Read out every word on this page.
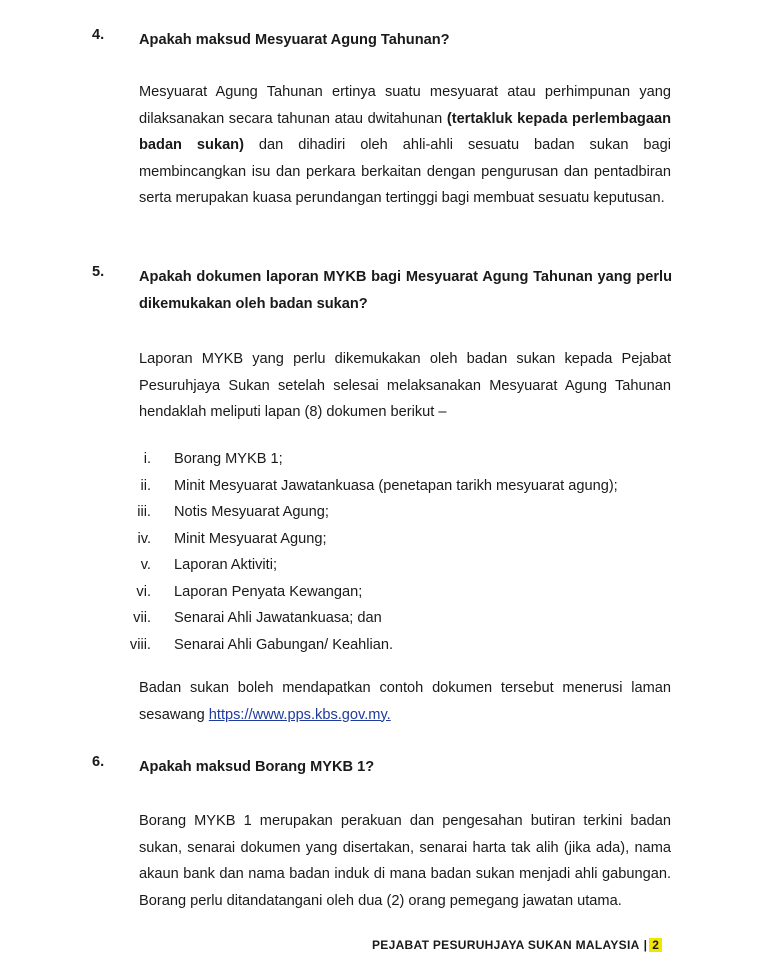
4. Apakah maksud Mesyuarat Agung Tahunan?

Mesyuarat Agung Tahunan ertinya suatu mesyuarat atau perhimpunan yang dilaksanakan secara tahunan atau dwitahunan (tertakluk kepada perlembagaan badan sukan) dan dihadiri oleh ahli-ahli sesuatu badan sukan bagi membincangkan isu dan perkara berkaitan dengan pengurusan dan pentadbiran serta merupakan kuasa perundangan tertinggi bagi membuat sesuatu keputusan.

5. Apakah dokumen laporan MYKB bagi Mesyuarat Agung Tahunan yang perlu dikemukakan oleh badan sukan?

Laporan MYKB yang perlu dikemukakan oleh badan sukan kepada Pejabat Pesuruhjaya Sukan setelah selesai melaksanakan Mesyuarat Agung Tahunan hendaklah meliputi lapan (8) dokumen berikut –

i. Borang MYKB 1;
ii. Minit Mesyuarat Jawatankuasa (penetapan tarikh mesyuarat agung);
iii. Notis Mesyuarat Agung;
iv. Minit Mesyuarat Agung;
v. Laporan Aktiviti;
vi. Laporan Penyata Kewangan;
vii. Senarai Ahli Jawatankuasa; dan
viii. Senarai Ahli Gabungan/ Keahlian.

Badan sukan boleh mendapatkan contoh dokumen tersebut menerusi laman sesawang https://www.pps.kbs.gov.my.

6. Apakah maksud Borang MYKB 1?

Borang MYKB 1 merupakan perakuan dan pengesahan butiran terkini badan sukan, senarai dokumen yang disertakan, senarai harta tak alih (jika ada), nama akaun bank dan nama badan induk di mana badan sukan menjadi ahli gabungan. Borang perlu ditandatangani oleh dua (2) orang pemegang jawatan utama.

PEJABAT PESURUHJAYA SUKAN MALAYSIA | 2
